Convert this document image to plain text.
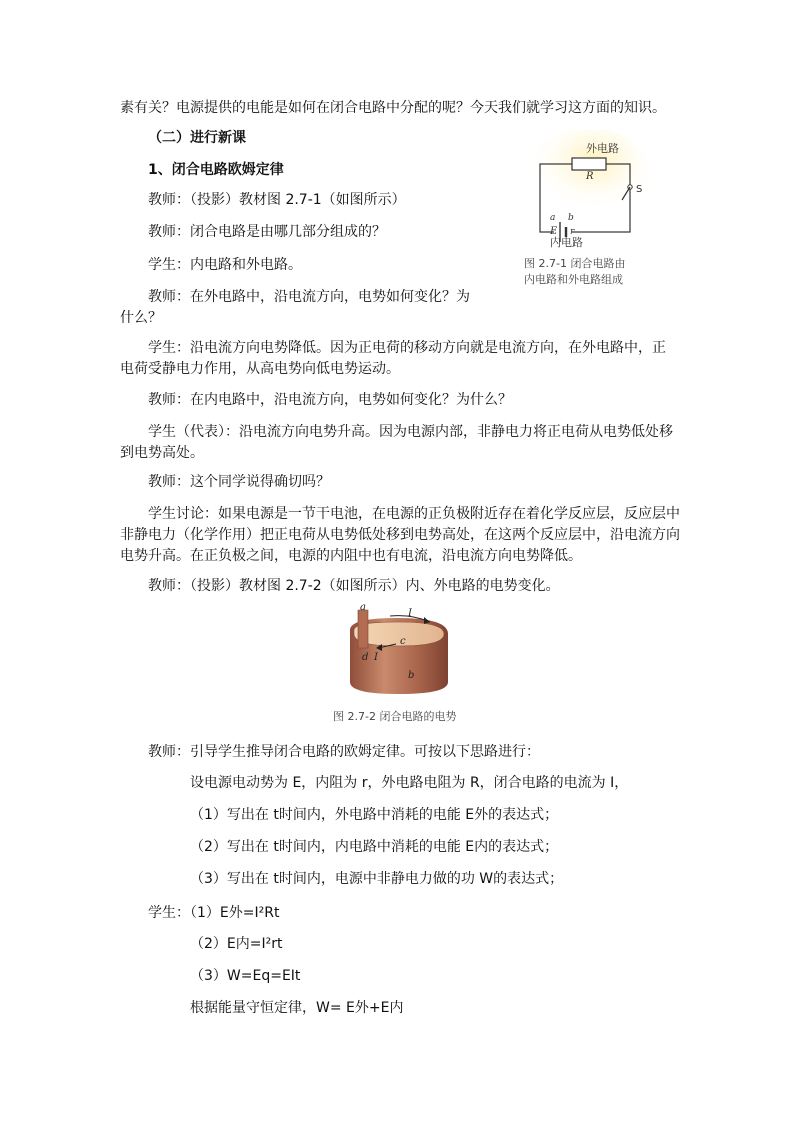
素有关？电源提供的电能是如何在闭合电路中分配的呢？今天我们就学习这方面的知识。
（二）进行新课
1、闭合电路欧姆定律
教师：（投影）教材图 2.7-1（如图所示）
教师：闭合电路是由哪几部分组成的？
学生：内电路和外电路。
教师：在外电路中，沿电流方向，电势如何变化？为
什么？
学生：沿电流方向电势降低。因为正电荷的移动方向就是电流方向，在外电路中，正
电荷受静电力作用，从高电势向低电势运动。
教师：在内电路中，沿电流方向，电势如何变化？为什么？
学生（代表）：沿电流方向电势升高。因为电源内部，非静电力将正电荷从电势低处移
到电势高处。
教师：这个同学说得确切吗？
学生讨论：如果电源是一节干电池，在电源的正负极附近存在着化学反应层，反应层中
非静电力（化学作用）把正电荷从电势低处移到电势高处，在这两个反应层中，沿电流方向
电势升高。在正负极之间，电源的内阻中也有电流，沿电流方向电势降低。
教师：（投影）教材图 2.7-2（如图所示）内、外电路的电势变化。
外电路
R
S
a b
E r
内电路
图 2.7-1 闭合电路由
内电路和外电路组成
a
I
c
d I
b
图 2.7-2 闭合电路的电势
教师：引导学生推导闭合电路的欧姆定律。可按以下思路进行：
设电源电动势为 E，内阻为 r，外电路电阻为 R，闭合电路的电流为 I，
（1）写出在 t时间内，外电路中消耗的电能 E外的表达式；
（2）写出在 t时间内，内电路中消耗的电能 E内的表达式；
（3）写出在 t时间内，电源中非静电力做的功 W的表达式；
学生：（1）E外=I²Rt
（2）E内=I²rt
（3）W=Eq=EIt
根据能量守恒定律，W= E外+E内
